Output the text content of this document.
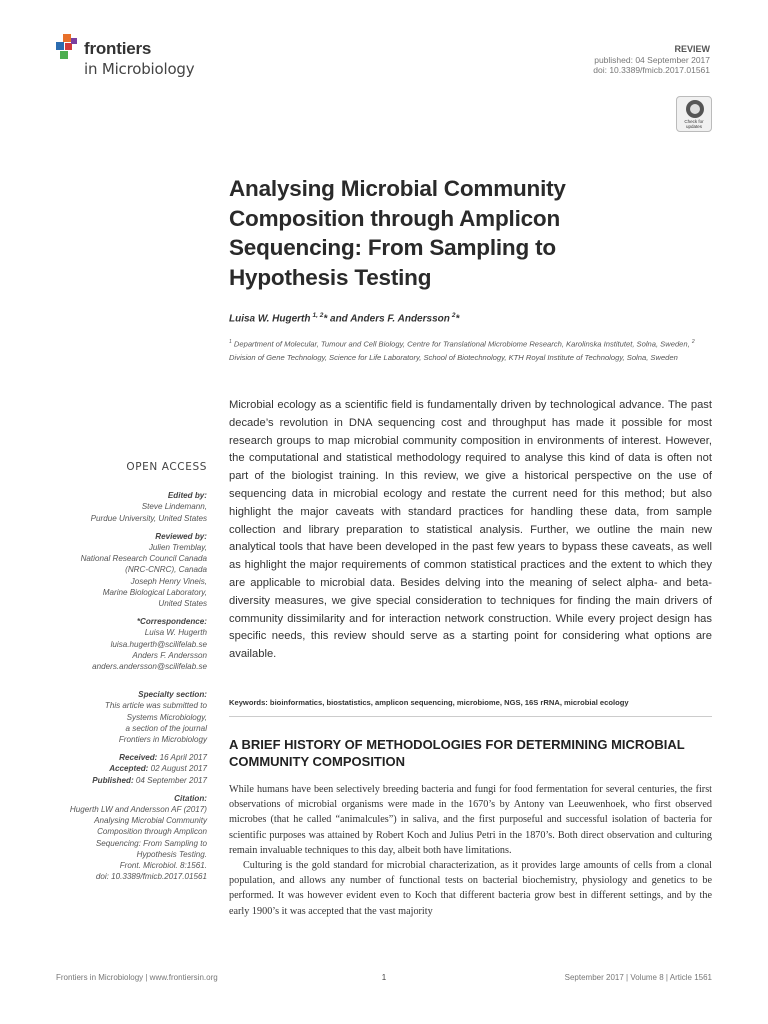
frontiers
in Microbiology
REVIEW
published: 04 September 2017
doi: 10.3389/fmicb.2017.01561
Check for
updates
Analysing Microbial Community Composition through Amplicon Sequencing: From Sampling to Hypothesis Testing
Luisa W. Hugerth  $^{1, 2}$* and Anders F. Andersson  $^2$*
$^1$ Department of Molecular, Tumour and Cell Biology, Centre for Translational Microbiome Research, Karolinska Institutet, Solna, Sweden, $^2$ Division of Gene Technology, Science for Life Laboratory, School of Biotechnology, KTH Royal Institute of Technology, Solna, Sweden

Microbial ecology as a scientific field is fundamentally driven by technological advance. The past decade’s revolution in DNA sequencing cost and throughput has made it possible for most research groups to map microbial community composition in environments of interest. However, the computational and statistical methodology required to analyse this kind of data is often not part of the biologist training. In this review, we give a historical perspective on the use of sequencing data in microbial ecology and restate the current need for this method; but also highlight the major caveats with standard practices for handling these data, from sample collection and library preparation to statistical analysis. Further, we outline the main new analytical tools that have been developed in the past few years to bypass these caveats, as well as highlight the major requirements of common statistical practices and the extent to which they are applicable to microbial data. Besides delving into the meaning of select alpha- and beta-diversity measures, we give special consideration to techniques for finding the main drivers of community dissimilarity and for interaction network construction. While every project design has specific needs, this review should serve as a starting point for considering what options are available.

Keywords: bioinformatics, biostatistics, amplicon sequencing, microbiome, NGS, 16S rRNA, microbial ecology
A BRIEF HISTORY OF METHODOLOGIES FOR DETERMINING MICROBIAL COMMUNITY COMPOSITION

While humans have been selectively breeding bacteria and fungi for food fermentation for several centuries, the first observations of microbial organisms were made in the 1670’s by Antony van Leeuwenhoek, who first observed microbes (that he called “animalcules”) in saliva, and the first purposeful and successful isolation of bacteria for scientific purposes was attained by Robert Koch and Julius Petri in the 1870’s. Both direct observation and culturing remain invaluable techniques to this day, albeit both have limitations.

Culturing is the gold standard for microbial characterization, as it provides large amounts of cells from a clonal population, and allows any number of functional tests on bacterial biochemistry, physiology and genetics to be performed. It was however evident even to Koch that different bacteria grow best in different settings, and by the early 1900’s it was accepted that the vast majority

OPEN ACCESS
Edited by:
Steve Lindemann,
Purdue University, United States
Reviewed by:
Julien Tremblay,
National Research Council Canada
(NRC-CNRC), Canada
Joseph Henry Vineis,
Marine Biological Laboratory,
United States
*Correspondence:
Luisa W. Hugerth
luisa.hugerth@scilifelab.se
Anders F. Andersson
anders.andersson@scilifelab.se
Specialty section:
This article was submitted to
Systems Microbiology,
a section of the journal
Frontiers in Microbiology
Received: 16 April 2017
Accepted: 02 August 2017
Published: 04 September 2017
Citation:
Hugerth LW and Andersson AF (2017)
Analysing Microbial Community
Composition through Amplicon
Sequencing: From Sampling to
Hypothesis Testing.
Front. Microbiol. 8:1561.
doi: 10.3389/fmicb.2017.01561
Frontiers in Microbiology | www.frontiersin.org	1	September 2017 | Volume 8 | Article 1561
